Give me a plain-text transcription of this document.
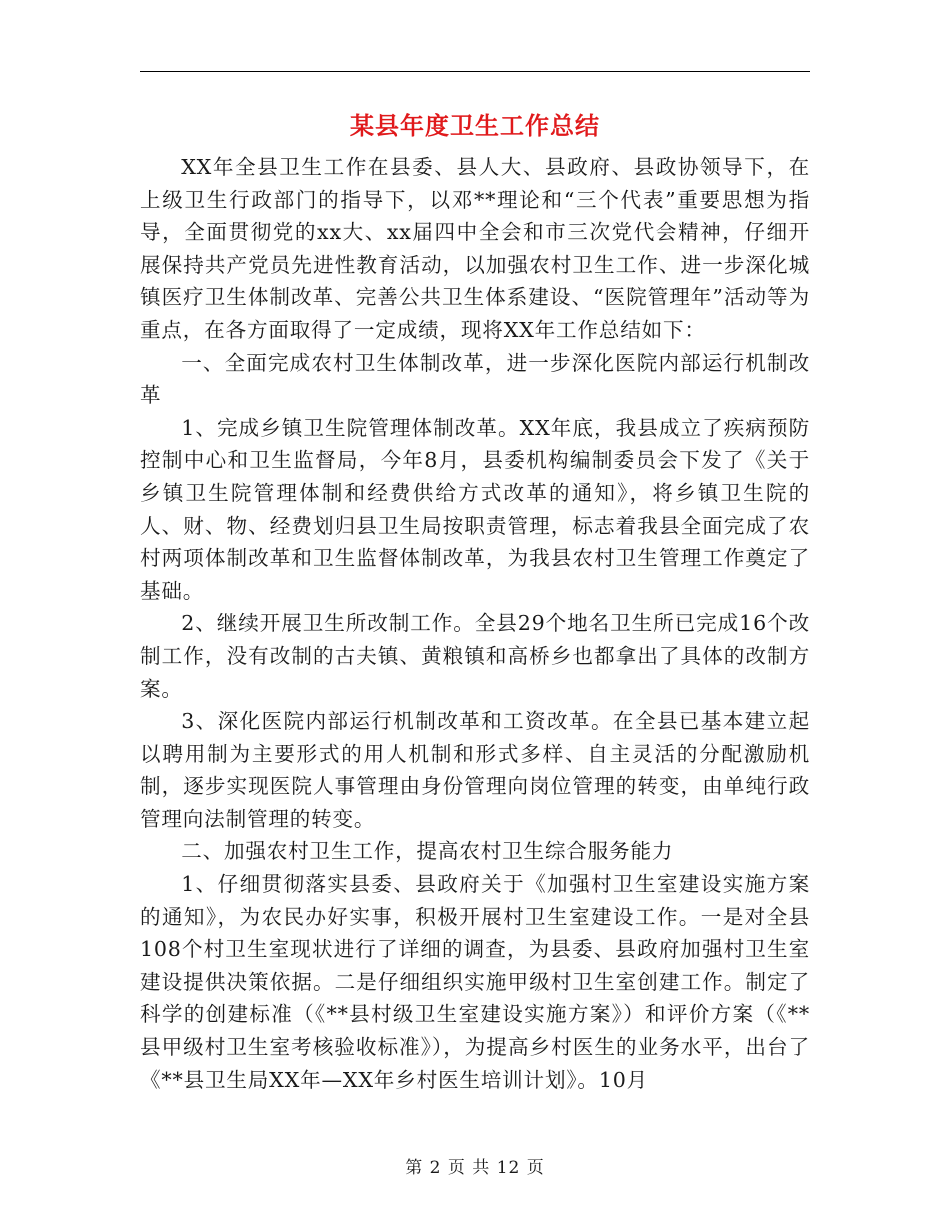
某县年度卫生工作总结

XX年全县卫生工作在县委、县人大、县政府、县政协领导下，在上级卫生行政部门的指导下，以邓**理论和“三个代表”重要思想为指导，全面贯彻党的xx大、xx届四中全会和市三次党代会精神，仔细开展保持共产党员先进性教育活动，以加强农村卫生工作、进一步深化城镇医疗卫生体制改革、完善公共卫生体系建设、“医院管理年”活动等为重点，在各方面取得了一定成绩，现将XX年工作总结如下：

一、全面完成农村卫生体制改革，进一步深化医院内部运行机制改革

1、完成乡镇卫生院管理体制改革。XX年底，我县成立了疾病预防控制中心和卫生监督局，今年8月，县委机构编制委员会下发了《关于乡镇卫生院管理体制和经费供给方式改革的通知》，将乡镇卫生院的人、财、物、经费划归县卫生局按职责管理，标志着我县全面完成了农村两项体制改革和卫生监督体制改革，为我县农村卫生管理工作奠定了基础。

2、继续开展卫生所改制工作。全县29个地名卫生所已完成16个改制工作，没有改制的古夫镇、黄粮镇和高桥乡也都拿出了具体的改制方案。

3、深化医院内部运行机制改革和工资改革。在全县已基本建立起以聘用制为主要形式的用人机制和形式多样、自主灵活的分配激励机制，逐步实现医院人事管理由身份管理向岗位管理的转变，由单纯行政管理向法制管理的转变。

二、加强农村卫生工作，提高农村卫生综合服务能力

1、仔细贯彻落实县委、县政府关于《加强村卫生室建设实施方案的通知》，为农民办好实事，积极开展村卫生室建设工作。一是对全县108个村卫生室现状进行了详细的调查，为县委、县政府加强村卫生室建设提供决策依据。二是仔细组织实施甲级村卫生室创建工作。制定了科学的创建标准（《**县村级卫生室建设实施方案》）和评价方案（《**县甲级村卫生室考核验收标准》），为提高乡村医生的业务水平，出台了《**县卫生局XX年—XX年乡村医生培训计划》。10月

第 2 页 共 12 页
